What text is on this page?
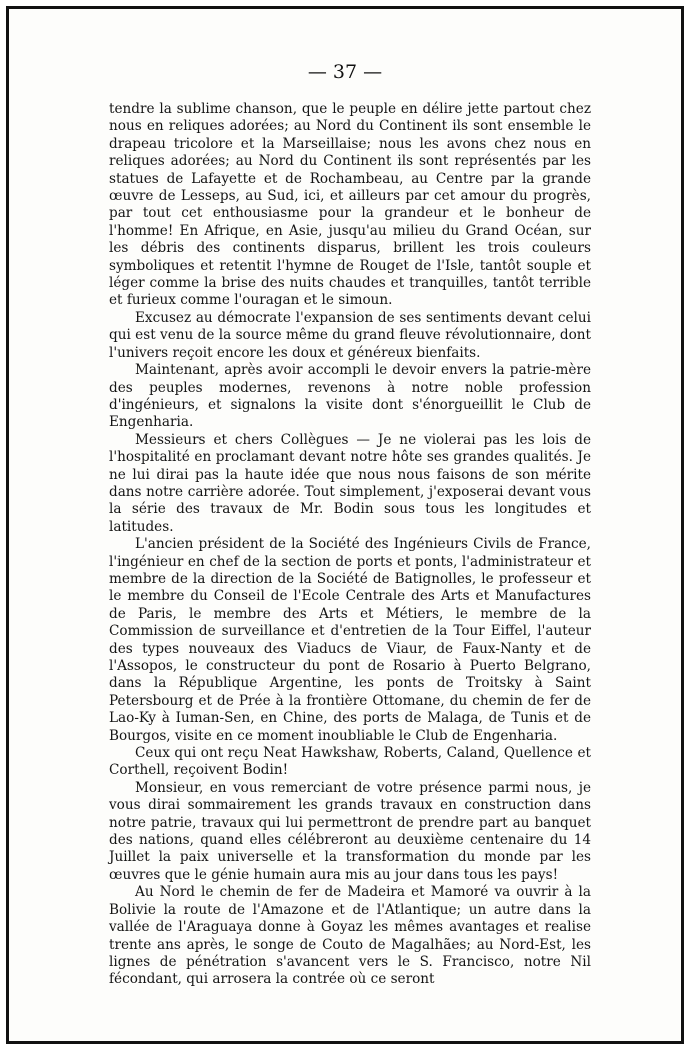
— 37 —

tendre la sublime chanson, que le peuple en délire jette partout chez nous en reliques adorées; au Nord du Continent ils sont ensemble le drapeau tricolore et la Marseillaise; nous les avons chez nous en reliques adorées; au Nord du Continent ils sont représentés par les statues de Lafayette et de Rochambeau, au Centre par la grande œuvre de Lesseps, au Sud, ici, et ailleurs par cet amour du progrès, par tout cet enthousiasme pour la grandeur et le bonheur de l'homme! En Afrique, en Asie, jusqu'au milieu du Grand Océan, sur les débris des continents disparus, brillent les trois couleurs symboliques et retentit l'hymne de Rouget de l'Isle, tantôt souple et léger comme la brise des nuits chaudes et tranquilles, tantôt terrible et furieux comme l'ouragan et le simoun.

Excusez au démocrate l'expansion de ses sentiments devant celui qui est venu de la source même du grand fleuve révolutionnaire, dont l'univers reçoit encore les doux et généreux bienfaits.

Maintenant, après avoir accompli le devoir envers la patrie-mère des peuples modernes, revenons à notre noble profession d'ingénieurs, et signalons la visite dont s'énorgueillit le Club de Engenharia.

Messieurs et chers Collègues — Je ne violerai pas les lois de l'hospitalité en proclamant devant notre hôte ses grandes qualités. Je ne lui dirai pas la haute idée que nous nous faisons de son mérite dans notre carrière adorée. Tout simplement, j'exposerai devant vous la série des travaux de Mr. Bodin sous tous les longitudes et latitudes.

L'ancien président de la Société des Ingénieurs Civils de France, l'ingénieur en chef de la section de ports et ponts, l'administrateur et membre de la direction de la Société de Batignolles, le professeur et le membre du Conseil de l'Ecole Centrale des Arts et Manufactures de Paris, le membre des Arts et Métiers, le membre de la Commission de surveillance et d'entretien de la Tour Eiffel, l'auteur des types nouveaux des Viaducs de Viaur, de Faux-Nanty et de l'Assopos, le constructeur du pont de Rosario à Puerto Belgrano, dans la République Argentine, les ponts de Troitsky à Saint Petersbourg et de Prée à la frontière Ottomane, du chemin de fer de Lao-Ky à Iuman-Sen, en Chine, des ports de Malaga, de Tunis et de Bourgos, visite en ce moment inoubliable le Club de Engenharia.

Ceux qui ont reçu Neat Hawkshaw, Roberts, Caland, Quellence et Corthell, reçoivent Bodin!

Monsieur, en vous remerciant de votre présence parmi nous, je vous dirai sommairement les grands travaux en construction dans notre patrie, travaux qui lui permettront de prendre part au banquet des nations, quand elles célébreront au deuxième centenaire du 14 Juillet la paix universelle et la transformation du monde par les œuvres que le génie humain aura mis au jour dans tous les pays!

Au Nord le chemin de fer de Madeira et Mamoré va ouvrir à la Bolivie la route de l'Amazone et de l'Atlantique; un autre dans la vallée de l'Araguaya donne à Goyaz les mêmes avantages et realise trente ans après, le songe de Couto de Magalhães; au Nord-Est, les lignes de pénétration s'avancent vers le S. Francisco, notre Nil fécondant, qui arrosera la contrée où ce seront
